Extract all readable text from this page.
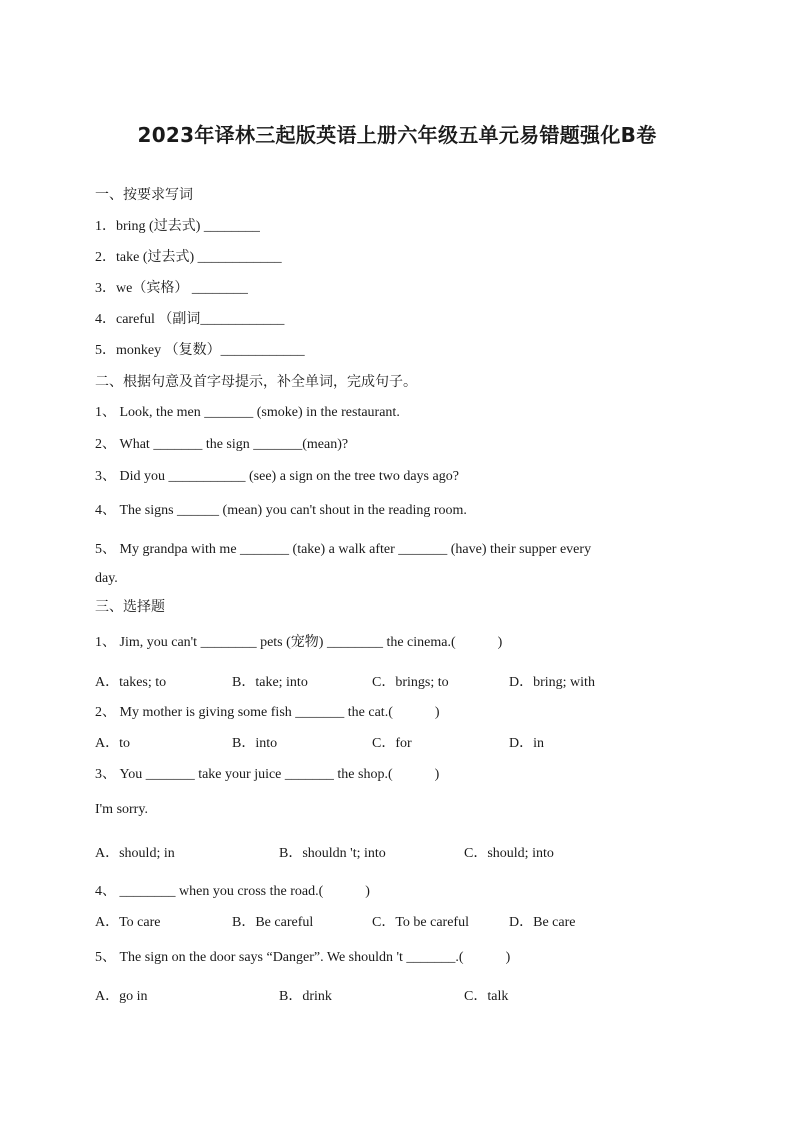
2023年译林三起版英语上册六年级五单元易错题强化B卷
一、按要求写词
1．bring (过去式) ________
2．take (过去式) ____________
3．we（宾格） ________
4．careful （副词____________
5．monkey （复数）____________
二、根据句意及首字母提示，补全单词，完成句子。
1、 Look, the men _______ (smoke) in the restaurant.
2、 What _______ the sign _______(mean)?
3、 Did you ___________ (see) a sign on the tree two days ago?
4、 The signs ______ (mean) you can't shout in the reading room.
5、 My grandpa with me _______ (take) a walk after _______ (have) their supper every
day.
三、选择题
1、 Jim, you can't ________ pets (宠物) ________ the cinema.(　　　)
A．takes; to	B．take; into	C．brings; to	D．bring; with
2、 My mother is giving some fish _______ the cat.(　　　)
A．to	B．into	C．for	D．in
3、 You _______ take your juice _______ the shop.(　　　)
I'm sorry.
A．should; in	B．shouldn 't; into	C．should; into
4、 ________ when you cross the road.(　　　)
A．To care	B．Be careful	C．To be careful	D．Be care
5、 The sign on the door says “Danger”. We shouldn 't _______.(　　　)
A．go in	B．drink	C．talk
